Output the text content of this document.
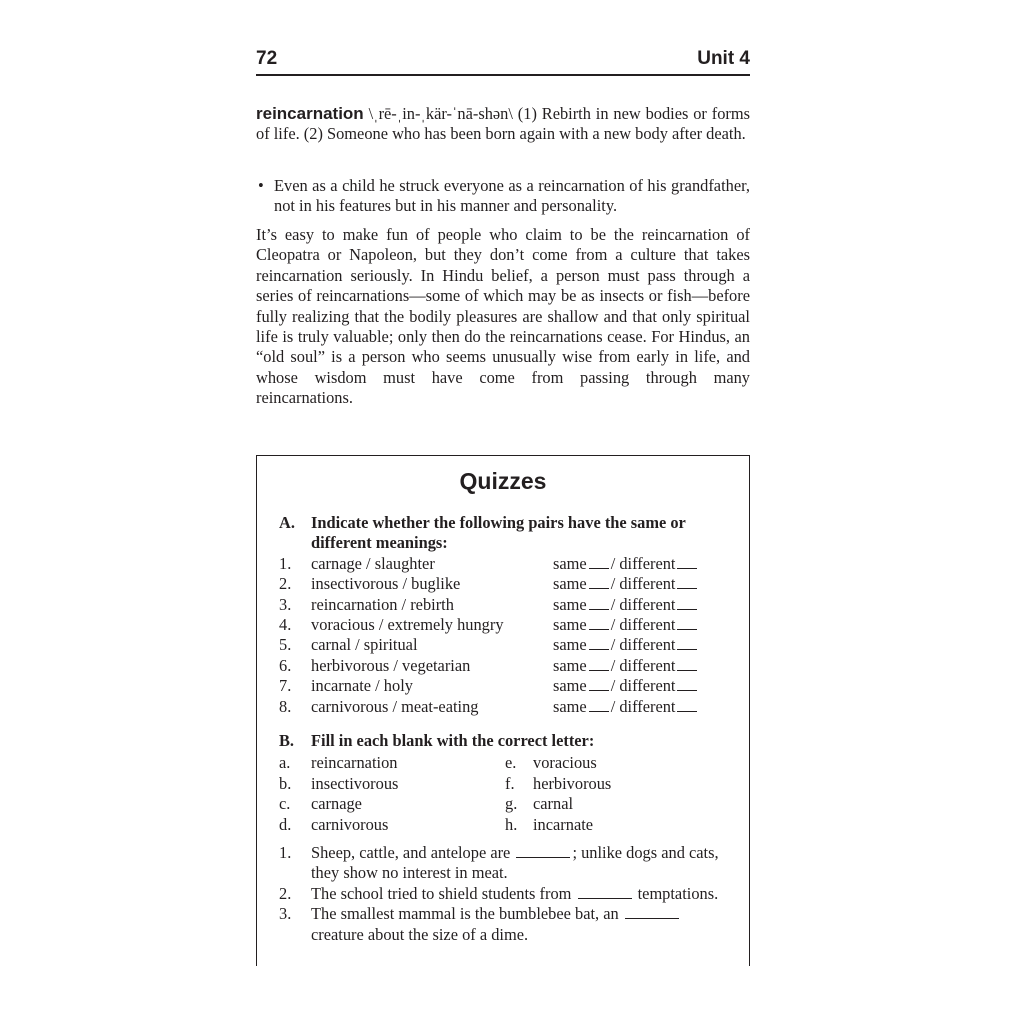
72	Unit 4
reincarnation \ˌrē-ˌin-ˌkär-ˈnā-shən\ (1) Rebirth in new bodies or forms of life. (2) Someone who has been born again with a new body after death.
• Even as a child he struck everyone as a reincarnation of his grandfather, not in his features but in his manner and personality.
It’s easy to make fun of people who claim to be the reincarnation of Cleopatra or Napoleon, but they don’t come from a culture that takes reincarnation seriously. In Hindu belief, a person must pass through a series of reincarnations—some of which may be as insects or fish—before fully realizing that the bodily pleasures are shallow and that only spiritual life is truly valuable; only then do the reincarnations cease. For Hindus, an “old soul” is a person who seems unusually wise from early in life, and whose wisdom must have come from passing through many reincarnations.
Quizzes
A. Indicate whether the following pairs have the same or different meanings:
1.	carnage / slaughter	same / different
2.	insectivorous / buglike	same / different
3.	reincarnation / rebirth	same / different
4.	voracious / extremely hungry	same / different
5.	carnal / spiritual	same / different
6.	herbivorous / vegetarian	same / different
7.	incarnate / holy	same / different
8.	carnivorous / meat-eating	same / different
B. Fill in each blank with the correct letter:
a. reincarnation	e. voracious
b. insectivorous	f. herbivorous
c. carnage	g. carnal
d. carnivorous	h. incarnate
1. Sheep, cattle, and antelope are	; unlike dogs and cats, they show no interest in meat.
2. The school tried to shield students from	temptations.
3. The smallest mammal is the bumblebee bat, an  creature about the size of a dime.
